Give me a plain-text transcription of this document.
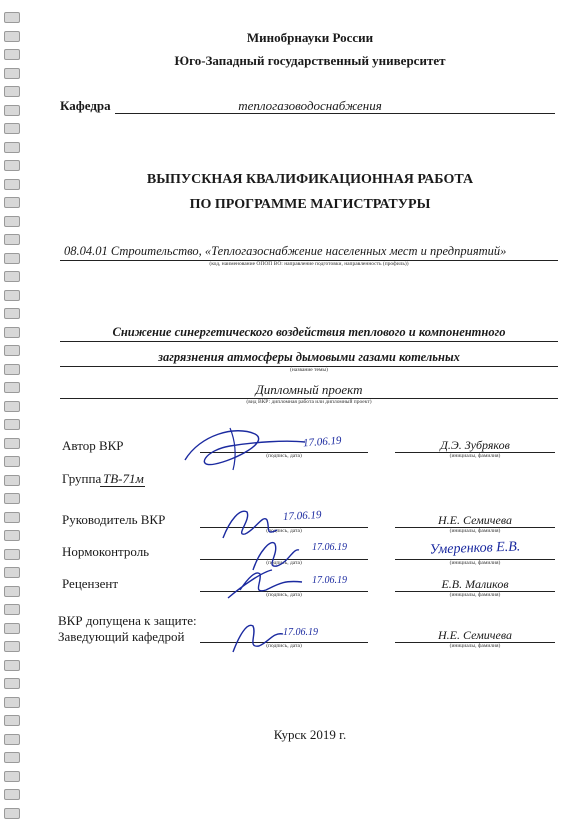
Минобрнауки России
Юго-Западный государственный университет
Кафедра	теплогазоводоснабжения
ВЫПУСКНАЯ КВАЛИФИКАЦИОННАЯ РАБОТА
ПО ПРОГРАММЕ МАГИСТРАТУРЫ
08.04.01 Строительство, «Теплогазоснабжение населенных мест и предприятий»
(код, наименование ОПОП ВО: направление подготовки, направленность (профиль))
Снижение синергетического воздействия теплового и компонентного
загрязнения атмосферы дымовыми газами котельных
(название темы)
Дипломный проект
(вид ВКР: дипломная работа или дипломный проект)
Автор ВКР
(подпись, дата)
17.06.19	Д.Э. Зубряков
(инициалы, фамилия)
Группа ТВ-71м
Руководитель ВКР
(подпись, дата)
17.06.19	Н.Е. Семичева
(инициалы, фамилия)
Нормоконтроль
(подпись, дата)
17.06.19	Умеренков Е.В.
(инициалы, фамилия)
Рецензент
(подпись, дата)
17.06.19	Е.В. Маликов
(инициалы, фамилия)
ВКР допущена к защите:
Заведующий кафедрой
(подпись, дата)
17.06.19	Н.Е. Семичева
(инициалы, фамилия)
Курск 2019 г.
